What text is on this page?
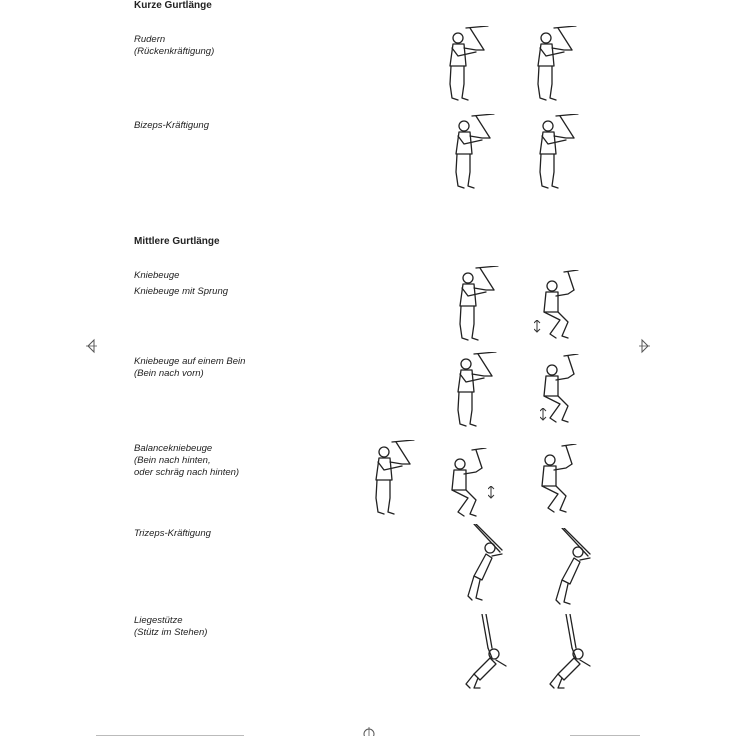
Kurze Gurtlänge
Mittlere Gurtlänge
Rudern
(Rückenkräftigung)
Bizeps-Kräftigung
Kniebeuge
Kniebeuge mit Sprung
Kniebeuge auf einem Bein
(Bein nach vorn)
Balancekniebeuge
(Bein nach hinten,
oder schräg nach hinten)
Trizeps-Kräftigung
Liegestütze
(Stütz im Stehen)
